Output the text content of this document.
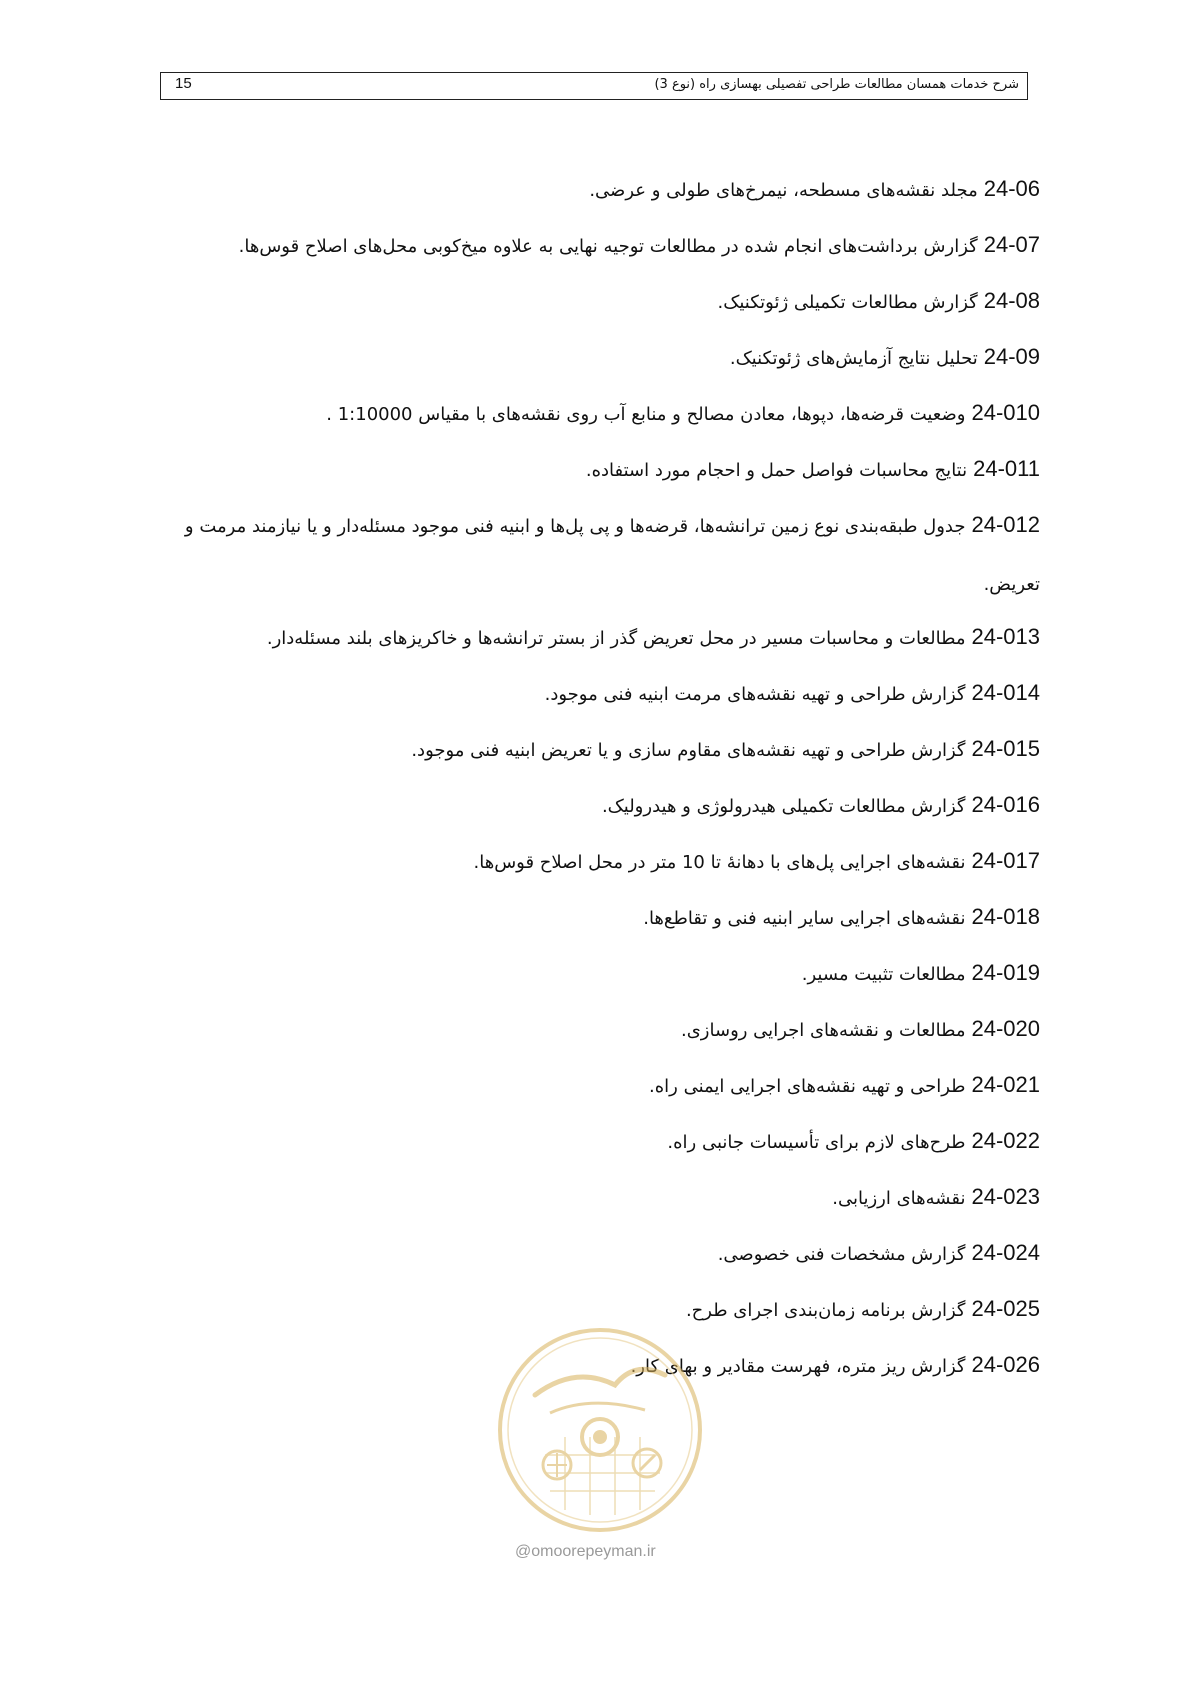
15	شرح خدمات همسان مطالعات طراحی تفصیلی بهسازی راه (نوع 3)
24-06مجلد نقشه‌های مسطحه، نیمرخ‌های طولی و عرضی.
24-07گزارش برداشت‌های انجام شده در مطالعات توجیه نهایی به علاوه میخ‌کوبی محل‌های اصلاح قوس‌ها.
24-08گزارش مطالعات تکمیلی ژئوتکنیک.
24-09تحلیل نتایج آزمایش‌های ژئوتکنیک.
24-010وضعیت قرضه‌ها، دپوها، معادن مصالح و منابع آب روی نقشه‌های با مقیاس 1:10000 .
24-011نتایج محاسبات فواصل حمل و احجام مورد استفاده.
24-012جدول طبقه‌بندی نوع زمین ترانشه‌ها، قرضه‌ها و پی پل‌ها و ابنیه فنی موجود مسئله‌دار و یا نیازمند مرمت و تعریض.
24-013مطالعات و محاسبات مسیر در محل تعریض گذر از بستر ترانشه‌ها و خاکریزهای بلند مسئله‌دار.
24-014گزارش طراحی و تهیه نقشه‌های مرمت ابنیه فنی موجود.
24-015گزارش طراحی و تهیه نقشه‌های مقاوم سازی و یا تعریض ابنیه فنی موجود.
24-016گزارش مطالعات تکمیلی هیدرولوژی و هیدرولیک.
24-017نقشه‌های اجرایی پل‌های با دهانهٔ تا 10 متر در محل اصلاح قوس‌ها.
24-018نقشه‌های اجرایی سایر ابنیه فنی و تقاطع‌ها.
24-019مطالعات تثبیت مسیر.
24-020مطالعات و نقشه‌های اجرایی روسازی.
24-021طراحی و تهیه نقشه‌های اجرایی ایمنی راه.
24-022طرح‌های لازم برای تأسیسات جانبی راه.
24-023نقشه‌های ارزیابی.
24-024گزارش مشخصات فنی خصوصی.
24-025گزارش برنامه زمان‌بندی اجرای طرح.
24-026گزارش ریز متره، فهرست مقادیر و بهای کار.
@omoorepeyman.ir
